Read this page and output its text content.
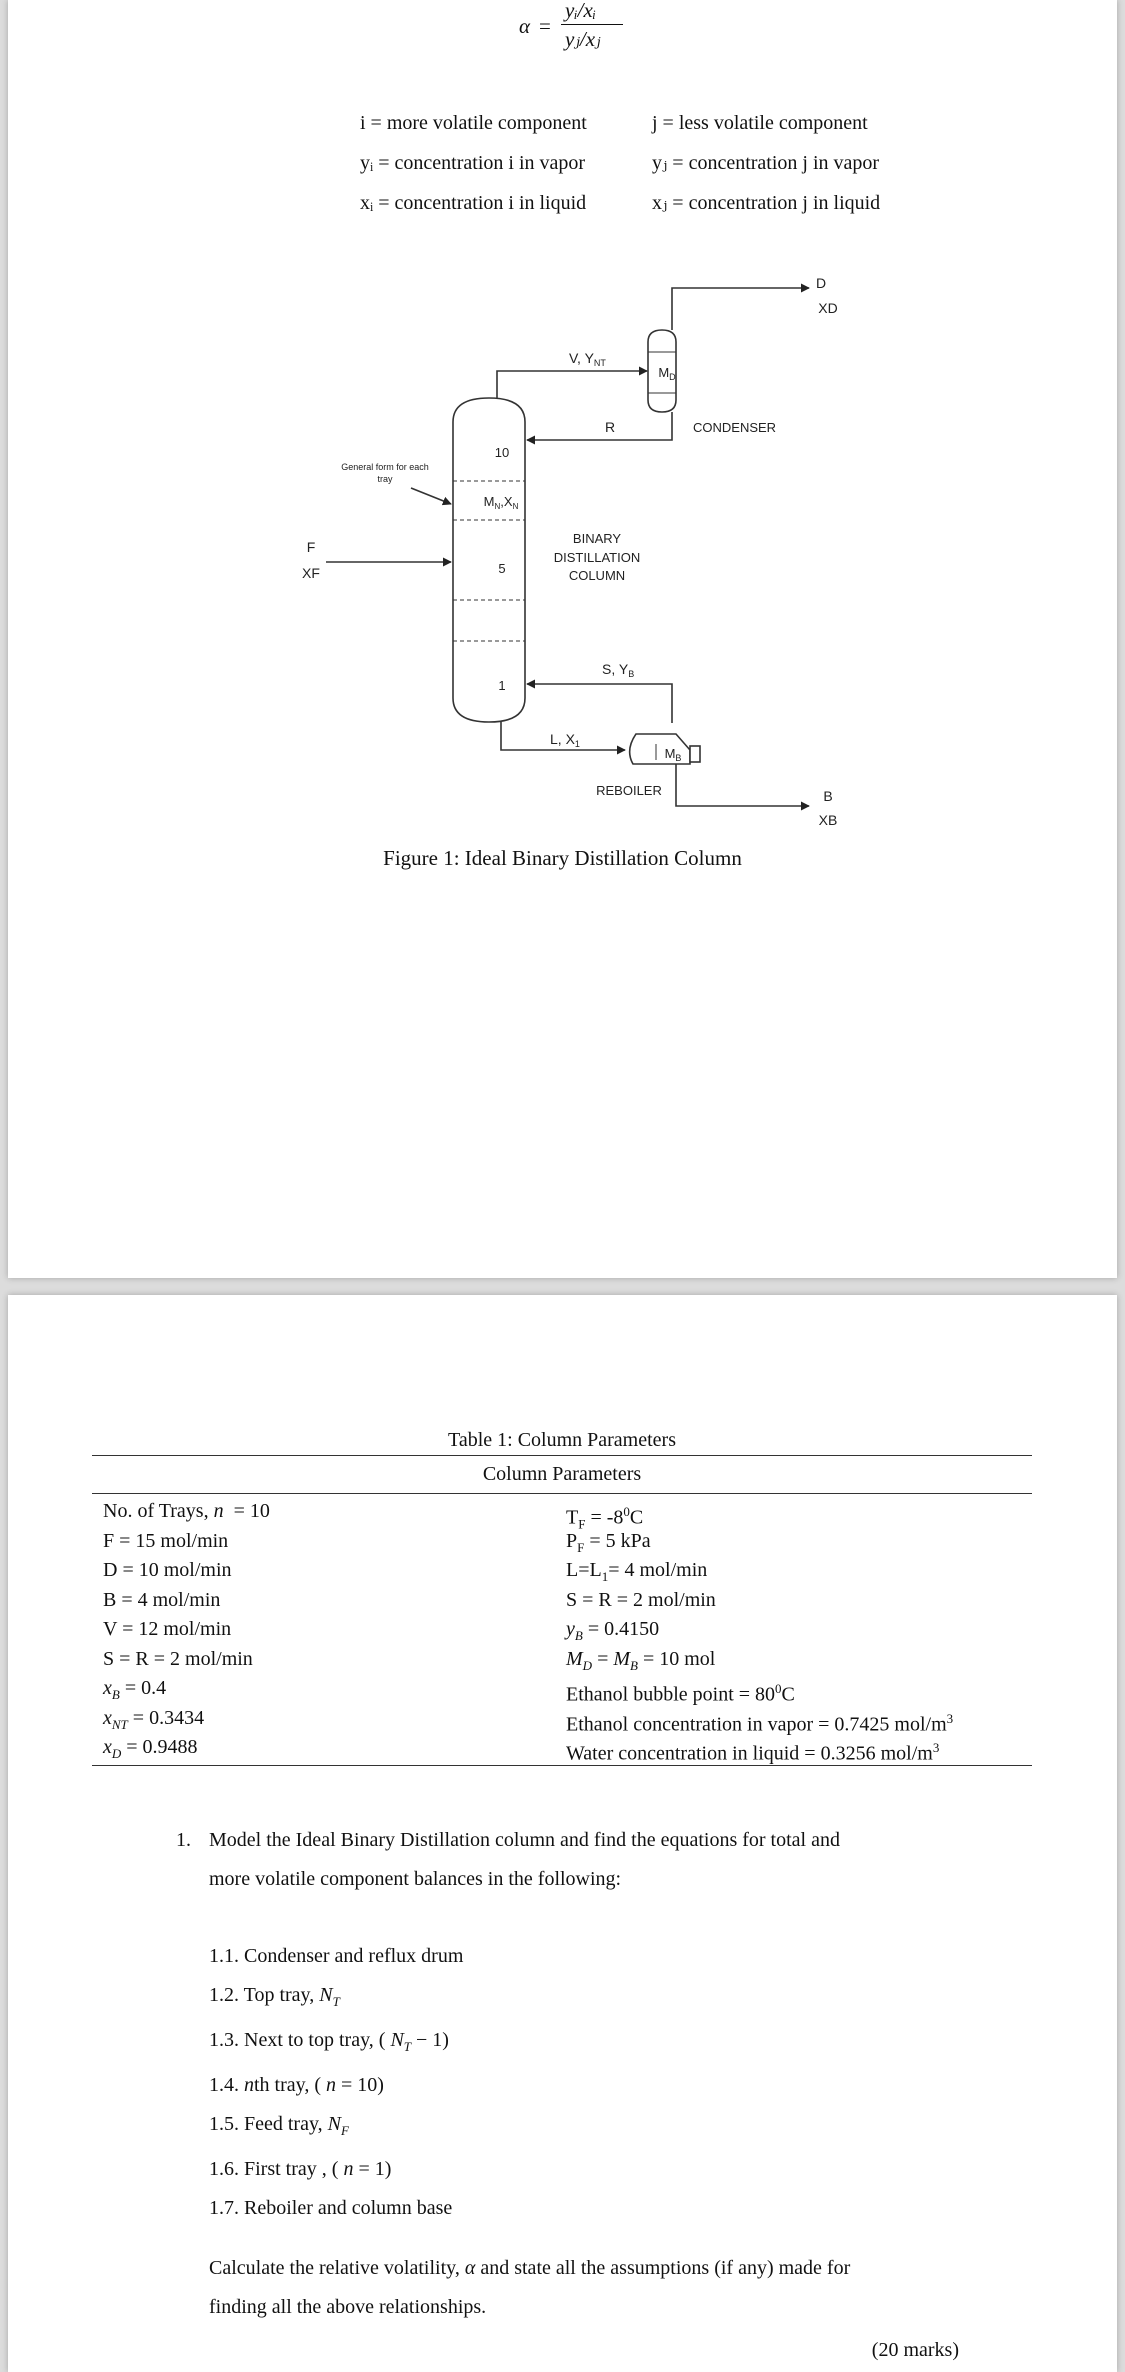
α =
yᵢ/xᵢ
yⱼ/xⱼ
i = more volatile component	j = less volatile component
yᵢ = concentration i in vapor	yⱼ = concentration j in vapor
xᵢ = concentration i in liquid	xⱼ = concentration j in liquid
D
XD
V, $Y_{NT}$
$M_D$
R	CONDENSER
10
General form for each
tray
$M_N,X_N$
F
XF	5
BINARY
DISTILLATION
COLUMN
S, $Y_B$
1
L, $X_1$
$M_B$
REBOILER	B
XB
Figure 1: Ideal Binary Distillation Column
Table 1: Column Parameters
Column Parameters
No. of Trays, n  = 10	$T_F = -8^0C$
F = 15 mol/min	$P_F = 5$ kPa
D = 10 mol/min	$L=L_1= 4$ mol/min
B = 4 mol/min	S = R = 2 mol/min
V = 12 mol/min	$y_B = 0.4150$
S = R = 2 mol/min	$M_D = M_B = 10$ mol
$x_B = 0.4$	Ethanol bubble point = $80^0C$
$x_{NT} = 0.3434$	Ethanol concentration in vapor = 0.7425 mol/$m^3$
$x_D = 0.9488$	Water concentration in liquid = 0.3256 mol/$m^3$
1. Model the Ideal Binary Distillation column and find the equations for total and
more volatile component balances in the following:
1.1. Condenser and reflux drum
1.2. Top tray, $N_T$
1.3. Next to top tray, ( $N_T - 1$)
1.4. nth tray, ( n = 10)
1.5. Feed tray, $N_F$
1.6. First tray , ( n = 1)
1.7. Reboiler and column base
Calculate the relative volatility, α and state all the assumptions (if any) made for
finding all the above relationships.
(20 marks)
